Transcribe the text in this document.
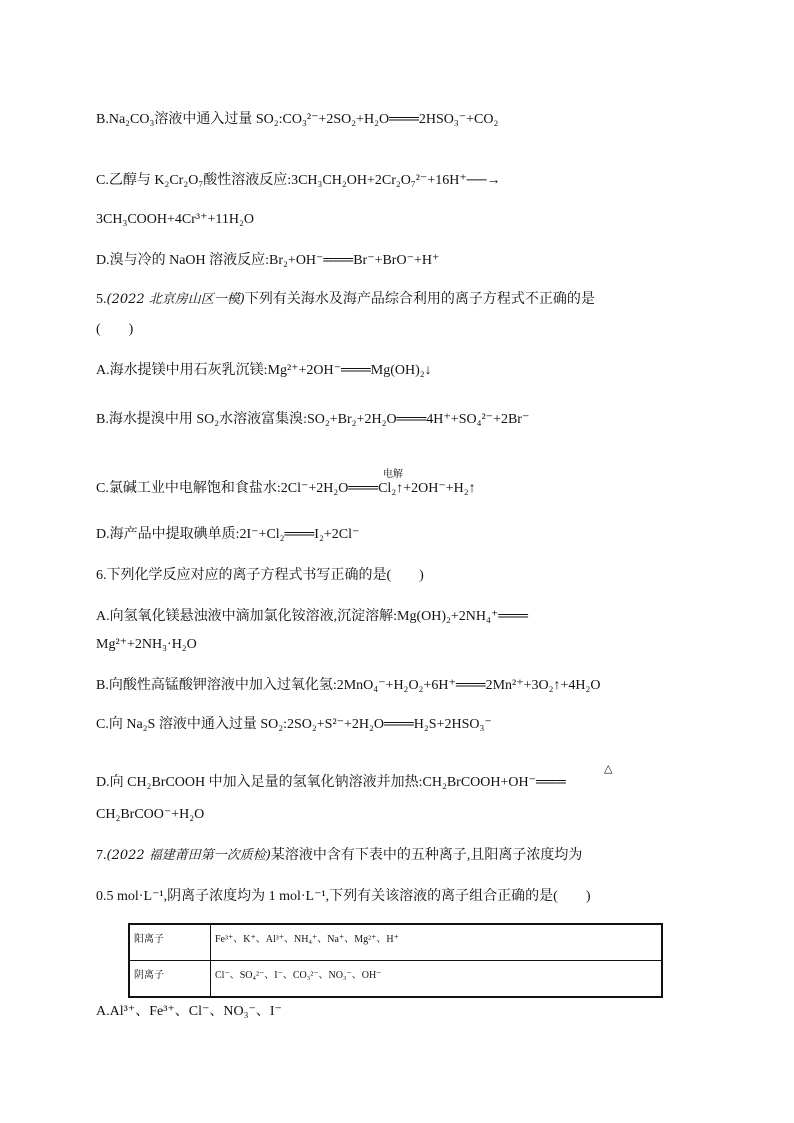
B.Na₂CO₃溶液中通入过量 SO₂:CO₃²⁻+2SO₂+H₂O═══2HSO₃⁻+CO₂
C.乙醇与 K₂Cr₂O₇酸性溶液反应:3CH₃CH₂OH+2Cr₂O₇²⁻+16H⁺──→
3CH₃COOH+4Cr³⁺+11H₂O
D.溴与冷的 NaOH 溶液反应:Br₂+OH⁻═══Br⁻+BrO⁻+H⁺
5.(2022 北京房山区一模)下列有关海水及海产品综合利用的离子方程式不正确的是
(　　)
A.海水提镁中用石灰乳沉镁:Mg²⁺+2OH⁻═══Mg(OH)₂↓
B.海水提溴中用 SO₂水溶液富集溴:SO₂+Br₂+2H₂O═══4H⁺+SO₄²⁻+2Br⁻
电解
C.氯碱工业中电解饱和食盐水:2Cl⁻+2H₂O═══Cl₂↑+2OH⁻+H₂↑
D.海产品中提取碘单质:2I⁻+Cl₂═══I₂+2Cl⁻
6.下列化学反应对应的离子方程式书写正确的是(　　)
A.向氢氧化镁悬浊液中滴加氯化铵溶液,沉淀溶解:Mg(OH)₂+2NH₄⁺═══
Mg²⁺+2NH₃·H₂O
B.向酸性高锰酸钾溶液中加入过氧化氢:2MnO₄⁻+H₂O₂+6H⁺═══2Mn²⁺+3O₂↑+4H₂O
C.向 Na₂S 溶液中通入过量 SO₂:2SO₂+S²⁻+2H₂O═══H₂S+2HSO₃⁻
△
D.向 CH₂BrCOOH 中加入足量的氢氧化钠溶液并加热:CH₂BrCOOH+OH⁻═══
CH₂BrCOO⁻+H₂O
7.(2022 福建莆田第一次质检)某溶液中含有下表中的五种离子,且阳离子浓度均为
0.5 mol·L⁻¹,阴离子浓度均为 1 mol·L⁻¹,下列有关该溶液的离子组合正确的是(　　)
阳离子	Fe³⁺、K⁺、Al³⁺、NH₄⁺、Na⁺、Mg²⁺、H⁺
阴离子	Cl⁻、SO₄²⁻、I⁻、CO₃²⁻、NO₃⁻、OH⁻
A.Al³⁺、Fe³⁺、Cl⁻、NO₃⁻、I⁻
